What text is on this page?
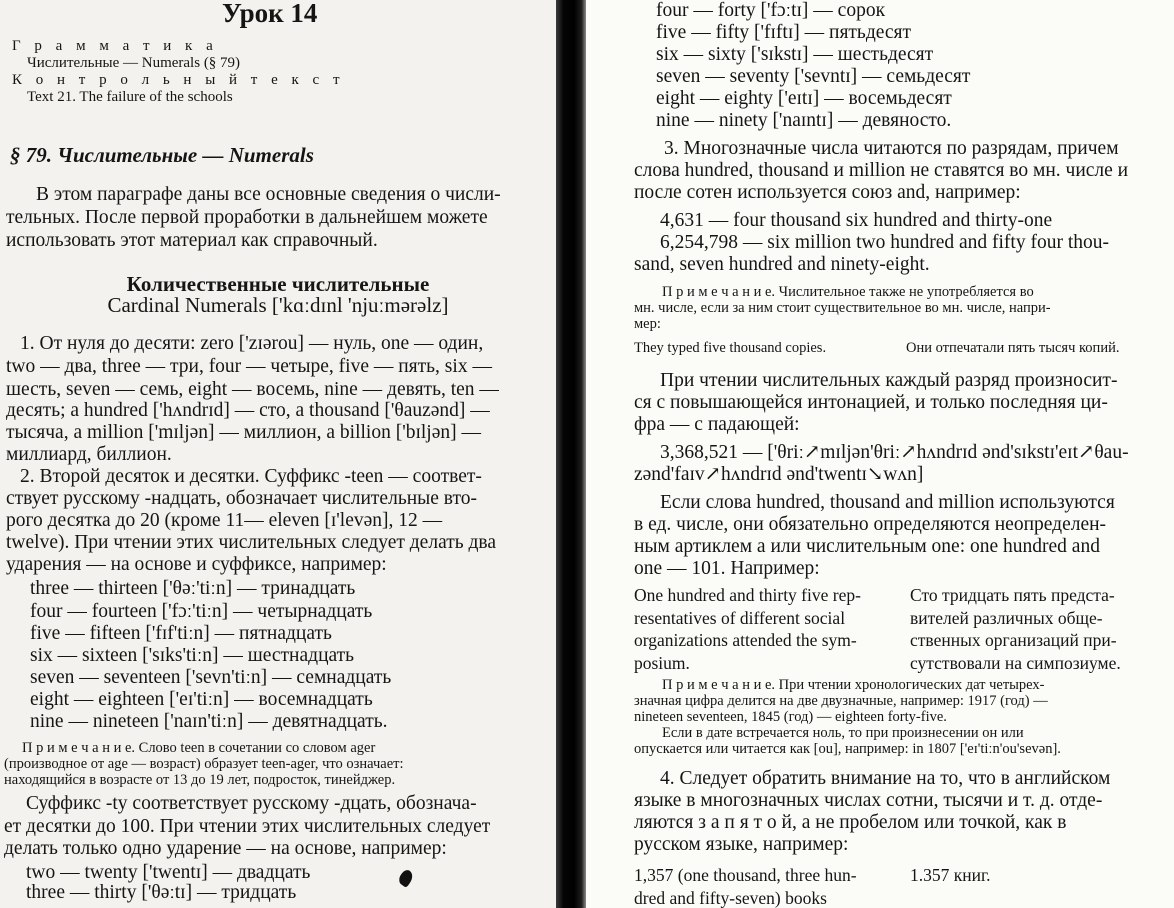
Урок 14
Г р а м м а т и к а
Числительные — Numerals (§ 79)
К о н т р о л ь н ы й т е к с т
Text 21. The failure of the schools
§ 79. Числительные — Numerals
В этом параграфе даны все основные сведения о числи-
тельных. После первой проработки в дальнейшем можете
использовать этот материал как справочный.
Количественные числительные
Cardinal Numerals ['kɑːdɪnl 'njuːmərəlz]
1. От нуля до десяти: zero ['zɪərou] — нуль, one — один,
two — два, three — три, four — четыре, five — пять, six —
шесть, seven — семь, eight — восемь, nine — девять, ten —
десять; a hundred ['hʌndrɪd] — сто, a thousand ['θauzənd] —
тысяча, a million ['mɪljən] — миллион, a billion ['bɪljən] —
миллиард, биллион.
2. Второй десяток и десятки. Суффикс -teen — соответ-
ствует русскому -надцать, обозначает числительные вто-
рого десятка до 20 (кроме 11— eleven [ɪ'levən], 12 —
twelve). При чтении этих числительных следует делать два
ударения — на основе и суффиксе, например:
three — thirteen ['θəː'tiːn] — тринадцать
four — fourteen ['fɔː'tiːn] — четырнадцать
five — fifteen ['fɪf'tiːn] — пятнадцать
six — sixteen ['sɪks'tiːn] — шестнадцать
seven — seventeen ['sevn'tiːn] — семнадцать
eight — eighteen ['eɪ'tiːn] — восемнадцать
nine — nineteen ['naɪn'tiːn] — девятнадцать.
П р и м е ч а н и е. Слово teen в сочетании со словом ager
(производное от age — возраст) образует teen-ager, что означает:
находящийся в возрасте от 13 до 19 лет, подросток, тинейджер.
Суффикс -ty соответствует русскому -дцать, обознача-
ет десятки до 100. При чтении этих числительных следует
делать только одно ударение — на основе, например:
two — twenty ['twentɪ] — двадцать
three — thirty ['θəːtɪ] — тридцать
four — forty ['fɔːtɪ] — сорок
five — fifty ['fɪftɪ] — пятьдесят
six — sixty ['sɪkstɪ] — шестьдесят
seven — seventy ['sevntɪ] — семьдесят
eight — eighty ['eɪtɪ] — восемьдесят
nine — ninety ['naɪntɪ] — девяносто.
3. Многозначные числа читаются по разрядам, причем
слова hundred, thousand и million не ставятся во мн. числе и
после сотен используется союз and, например:
4,631 — four thousand six hundred and thirty-one
6,254,798 — six million two hundred and fifty four thou-
sand, seven hundred and ninety-eight.
П р и м е ч а н и е. Числительное также не употребляется во
мн. числе, если за ним стоит существительное во мн. числе, напри-
мер:
They typed five thousand copies.	Они отпечатали пять тысяч копий.
При чтении числительных каждый разряд произносит-
ся с повышающейся интонацией, и только последняя ци-
фра — с падающей:
3,368,521 — ['θriː↗mɪljən'θriː↗hʌndrɪd ənd'sɪkstɪ'eɪt↗θau-
zənd'faɪv↗hʌndrɪd ənd'twentɪ↘wʌn]
Если слова hundred, thousand and million используются
в ед. числе, они обязательно определяются неопределен-
ным артиклем a или числительным one: one hundred and
one — 101. Например:
One hundred and thirty five rep-
resentatives of different social
organizations attended the sym-
posium.
Сто тридцать пять предста-
вителей различных обще-
ственных организаций при-
сутствовали на симпозиуме.
П р и м е ч а н и е. При чтении хронологических дат четырех-
значная цифра делится на две двузначные, например: 1917 (год) —
nineteen seventeen, 1845 (год) — eighteen forty-five.
Если в дате встречается ноль, то при произнесении он или
опускается или читается как [ou], например: in 1807 ['eɪ'tiːn'ou'sevən].
4. Следует обратить внимание на то, что в английском
языке в многозначных числах сотни, тысячи и т. д. отде-
ляются з а п я т о й, а не пробелом или точкой, как в
русском языке, например:
1,357 (one thousand, three hun-
dred and fifty-seven) books
1.357 книг.
